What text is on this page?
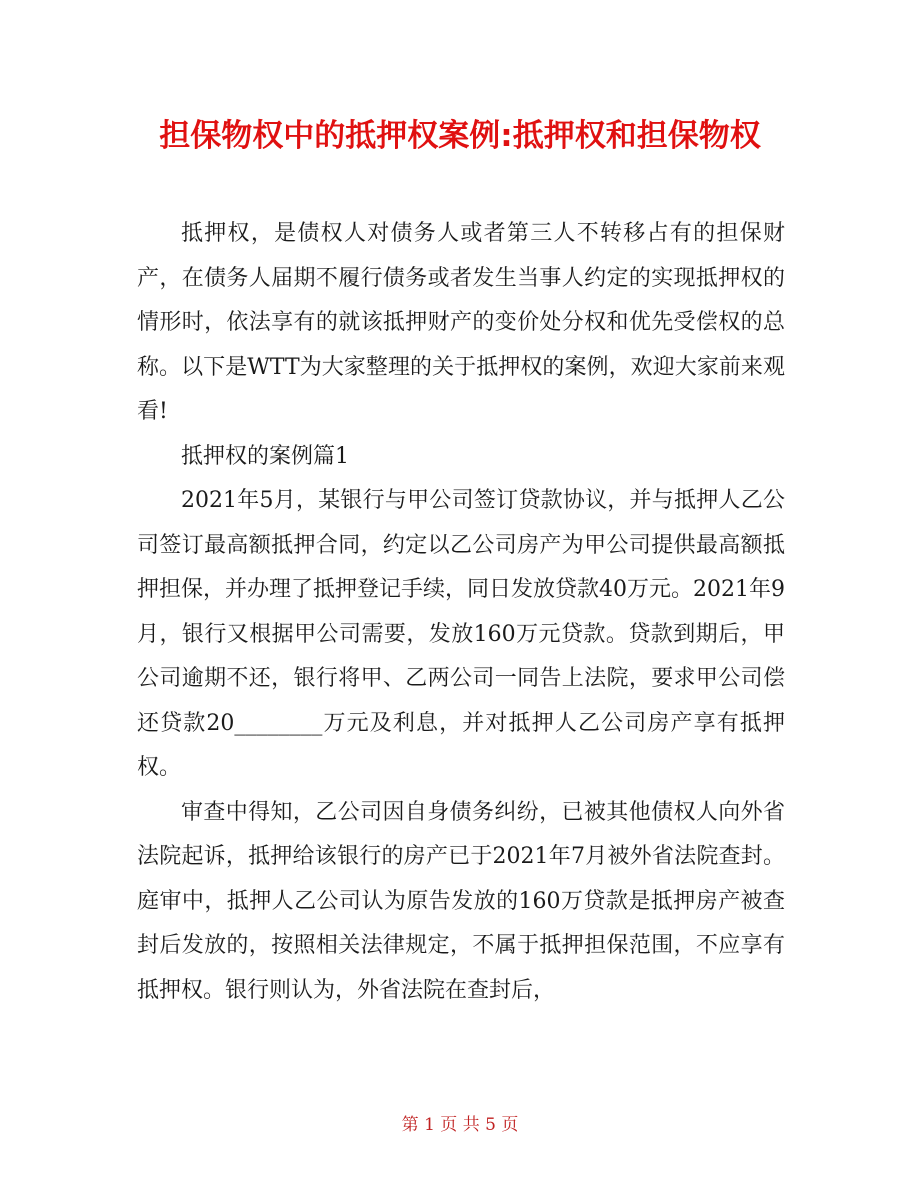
担保物权中的抵押权案例:抵押权和担保物权

抵押权，是债权人对债务人或者第三人不转移占有的担保财产，在债务人届期不履行债务或者发生当事人约定的实现抵押权的情形时，依法享有的就该抵押财产的变价处分权和优先受偿权的总称。以下是WTT为大家整理的关于抵押权的案例，欢迎大家前来观看!

抵押权的案例篇1

2021年5月，某银行与甲公司签订贷款协议，并与抵押人乙公司签订最高额抵押合同，约定以乙公司房产为甲公司提供最高额抵押担保，并办理了抵押登记手续，同日发放贷款40万元。2021年9月，银行又根据甲公司需要，发放160万元贷款。贷款到期后，甲公司逾期不还，银行将甲、乙两公司一同告上法院，要求甲公司偿还贷款20________万元及利息，并对抵押人乙公司房产享有抵押权。

审查中得知，乙公司因自身债务纠纷，已被其他债权人向外省法院起诉，抵押给该银行的房产已于2021年7月被外省法院查封。庭审中，抵押人乙公司认为原告发放的160万贷款是抵押房产被查封后发放的，按照相关法律规定，不属于抵押担保范围，不应享有抵押权。银行则认为，外省法院在查封后，

第 1 页 共 5 页
